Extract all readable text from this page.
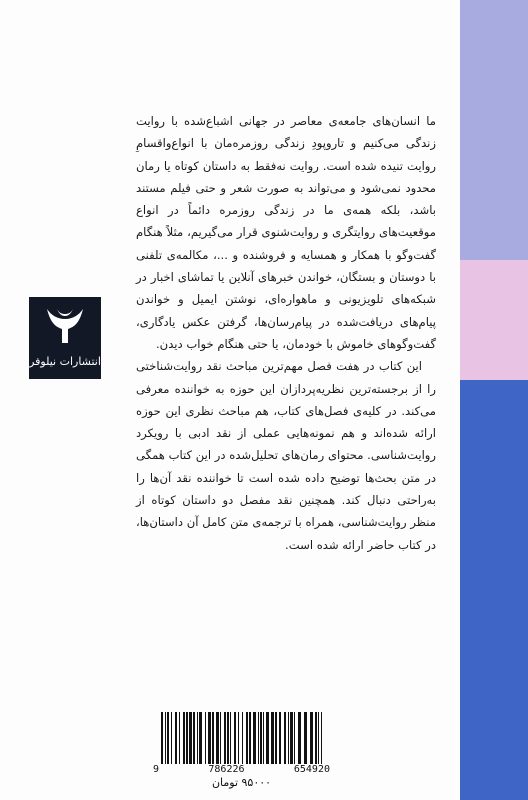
انتشارات نیلوفر

ما انسان‌های جامعه‌ی معاصر در جهانی اشباع‌شده با روایت زندگی می‌کنیم و تاروپودِ زندگی روزمره‌مان با انواع‌واقسامِ روایت تنیده شده است. روایت نه‌فقط به داستان کوتاه یا رمان محدود نمی‌شود و می‌تواند به صورت شعر و حتی فیلم مستند باشد، بلکه همه‌ی ما در زندگی روزمره دائماً در انواع موقعیت‌های روایتگری و روایت‌شنوی قرار می‌گیریم، مثلاً هنگام گفت‌وگو با همکار و همسایه و فروشنده و ...، مکالمه‌ی تلفنی با دوستان و بستگان، خواندن خبرهای آنلاین یا تماشای اخبار در شبکه‌های تلویزیونی و ماهواره‌ای، نوشتن ایمیل و خواندن پیام‌های دریافت‌شده در پیام‌رسان‌ها، گرفتن عکس یادگاری، گفت‌وگوهای خاموش با خودمان، یا حتی هنگام خواب دیدن.

این کتاب در هفت فصل مهم‌ترین مباحث نقد روایت‌شناختی را از برجسته‌ترین نظریه‌پردازان این حوزه به خواننده معرفی می‌کند. در کلیه‌ی فصل‌های کتاب، هم مباحث نظری این حوزه ارائه شده‌اند و هم نمونه‌هایی عملی از نقد ادبی با رویکرد روایت‌شناسی. محتوای رمان‌های تحلیل‌شده در این کتاب همگی در متن بحث‌ها توضیح داده شده است تا خواننده نقد آن‌ها را به‌راحتی دنبال کند. همچنین نقد مفصل دو داستان کوتاه از منظر روایت‌شناسی، همراه با ترجمه‌ی متن کامل آن داستان‌ها، در کتاب حاضر ارائه شده است.

9	786226	654920
۹۵۰۰۰ تومان
